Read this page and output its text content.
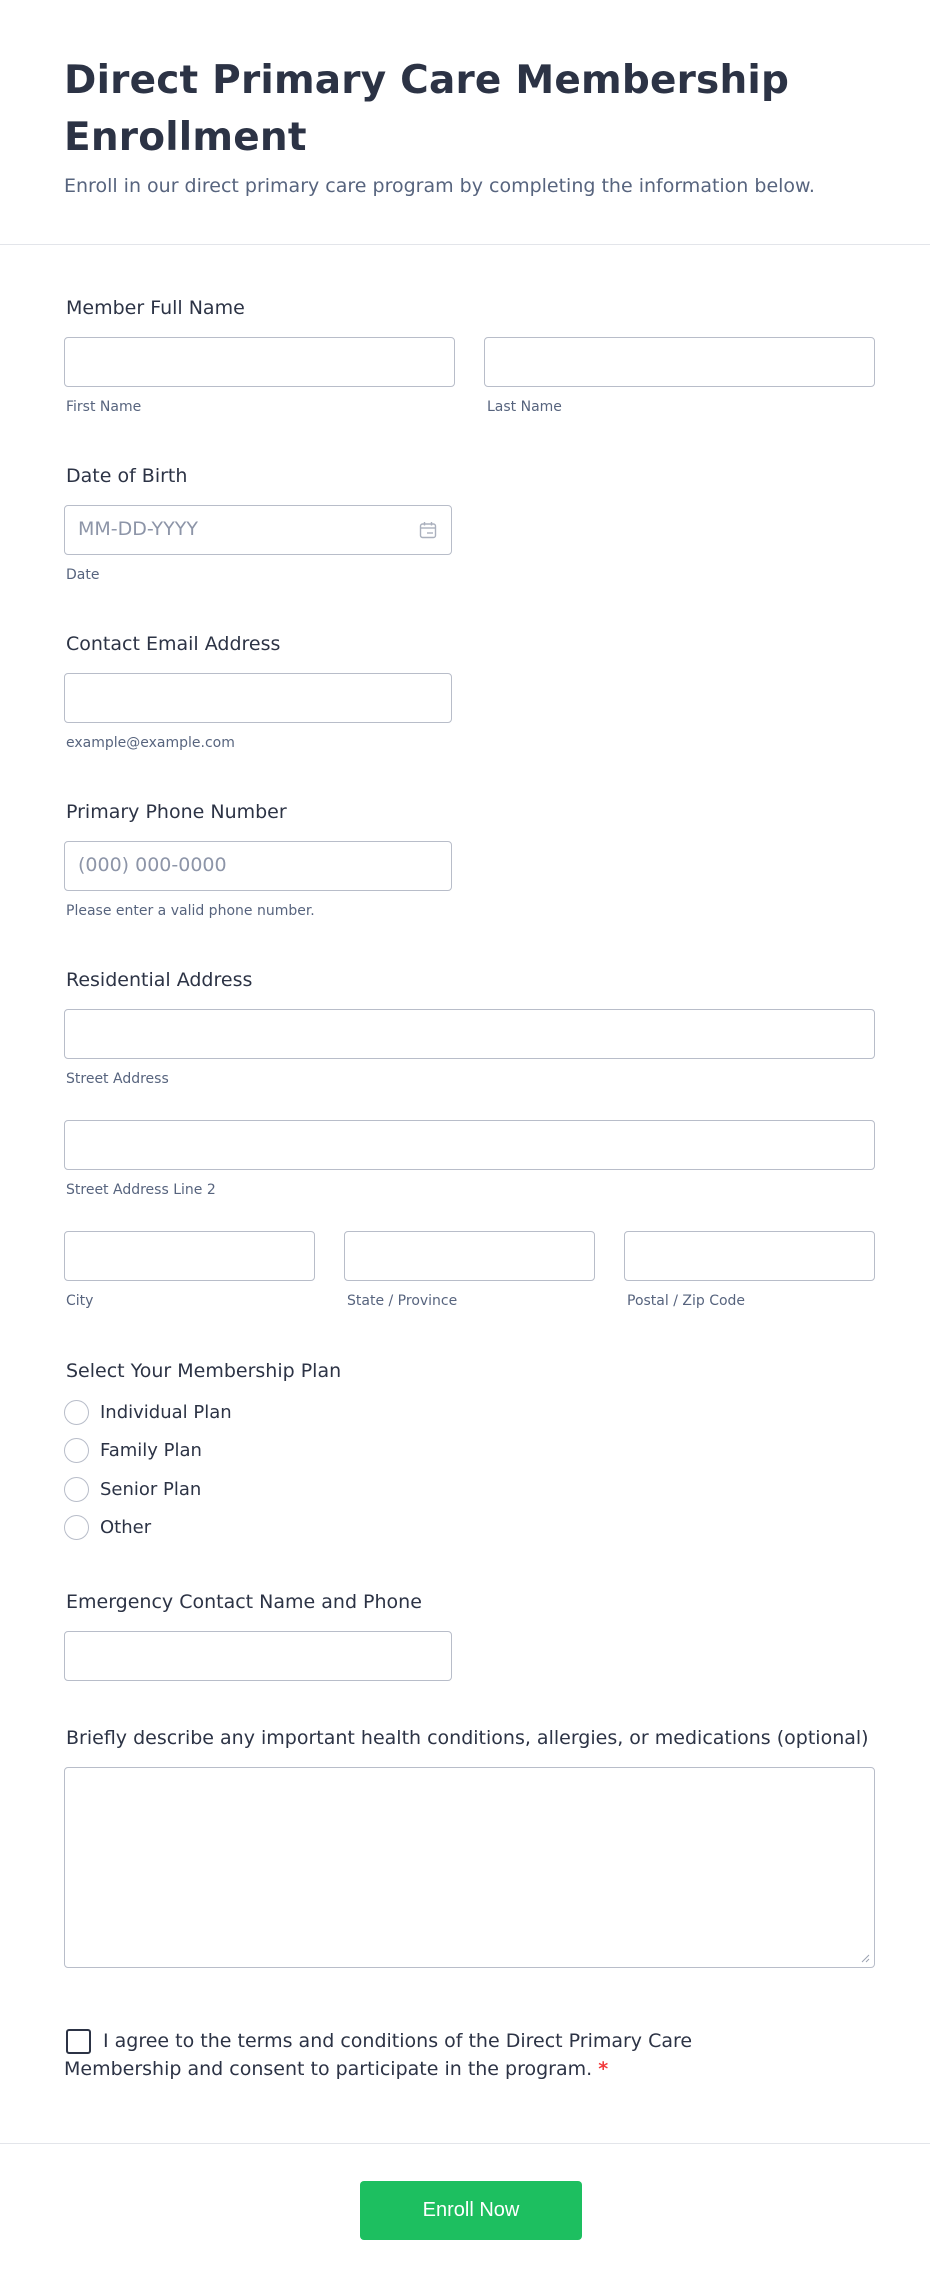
Direct Primary Care Membership Enrollment

Enroll in our direct primary care program by completing the information below.

Member Full Name
First Name	Last Name
Date of Birth
MM-DD-YYYY
Date
Contact Email Address
example@example.com
Primary Phone Number
(000) 000-0000
Please enter a valid phone number.
Residential Address
Street Address
Street Address Line 2
City	State / Province	Postal / Zip Code
Select Your Membership Plan
Individual Plan
Family Plan
Senior Plan
Other
Emergency Contact Name and Phone
Briefly describe any important health conditions, allergies, or medications (optional)
I agree to the terms and conditions of the Direct Primary Care
Membership and consent to participate in the program. *
Enroll Now
